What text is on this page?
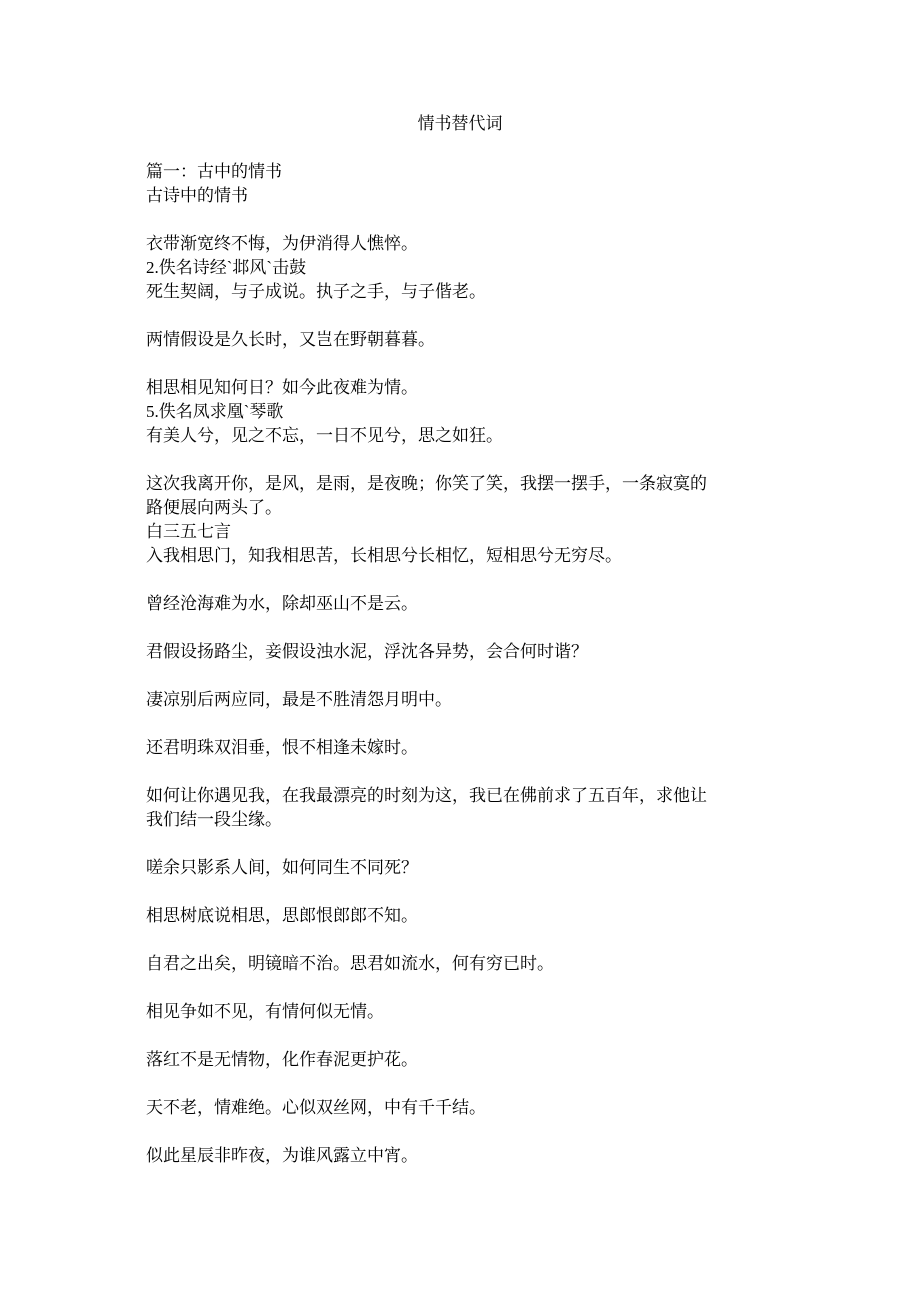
情书替代词
篇一：古中的情书
古诗中的情书
衣带渐宽终不悔，为伊消得人憔悴。
2.佚名诗经`邶风`击鼓
死生契阔，与子成说。执子之手，与子偕老。
两情假设是久长时，又岂在野朝暮暮。
相思相见知何日？如今此夜难为情。
5.佚名凤求凰`琴歌
有美人兮，见之不忘，一日不见兮，思之如狂。
这次我离开你，是风，是雨，是夜晚；你笑了笑，我摆一摆手，一条寂寞的
路便展向两头了。
白三五七言
入我相思门，知我相思苦，长相思兮长相忆，短相思兮无穷尽。
曾经沧海难为水，除却巫山不是云。
君假设扬路尘，妾假设浊水泥，浮沈各异势，会合何时谐？
凄凉别后两应同，最是不胜清怨月明中。
还君明珠双泪垂，恨不相逢未嫁时。
如何让你遇见我，在我最漂亮的时刻为这，我已在佛前求了五百年，求他让
我们结一段尘缘。
嗟余只影系人间，如何同生不同死？
相思树底说相思，思郎恨郎郎不知。
自君之出矣，明镜暗不治。思君如流水，何有穷已时。
相见争如不见，有情何似无情。
落红不是无情物，化作春泥更护花。
天不老，情难绝。心似双丝网，中有千千结。
似此星辰非昨夜，为谁风露立中宵。
